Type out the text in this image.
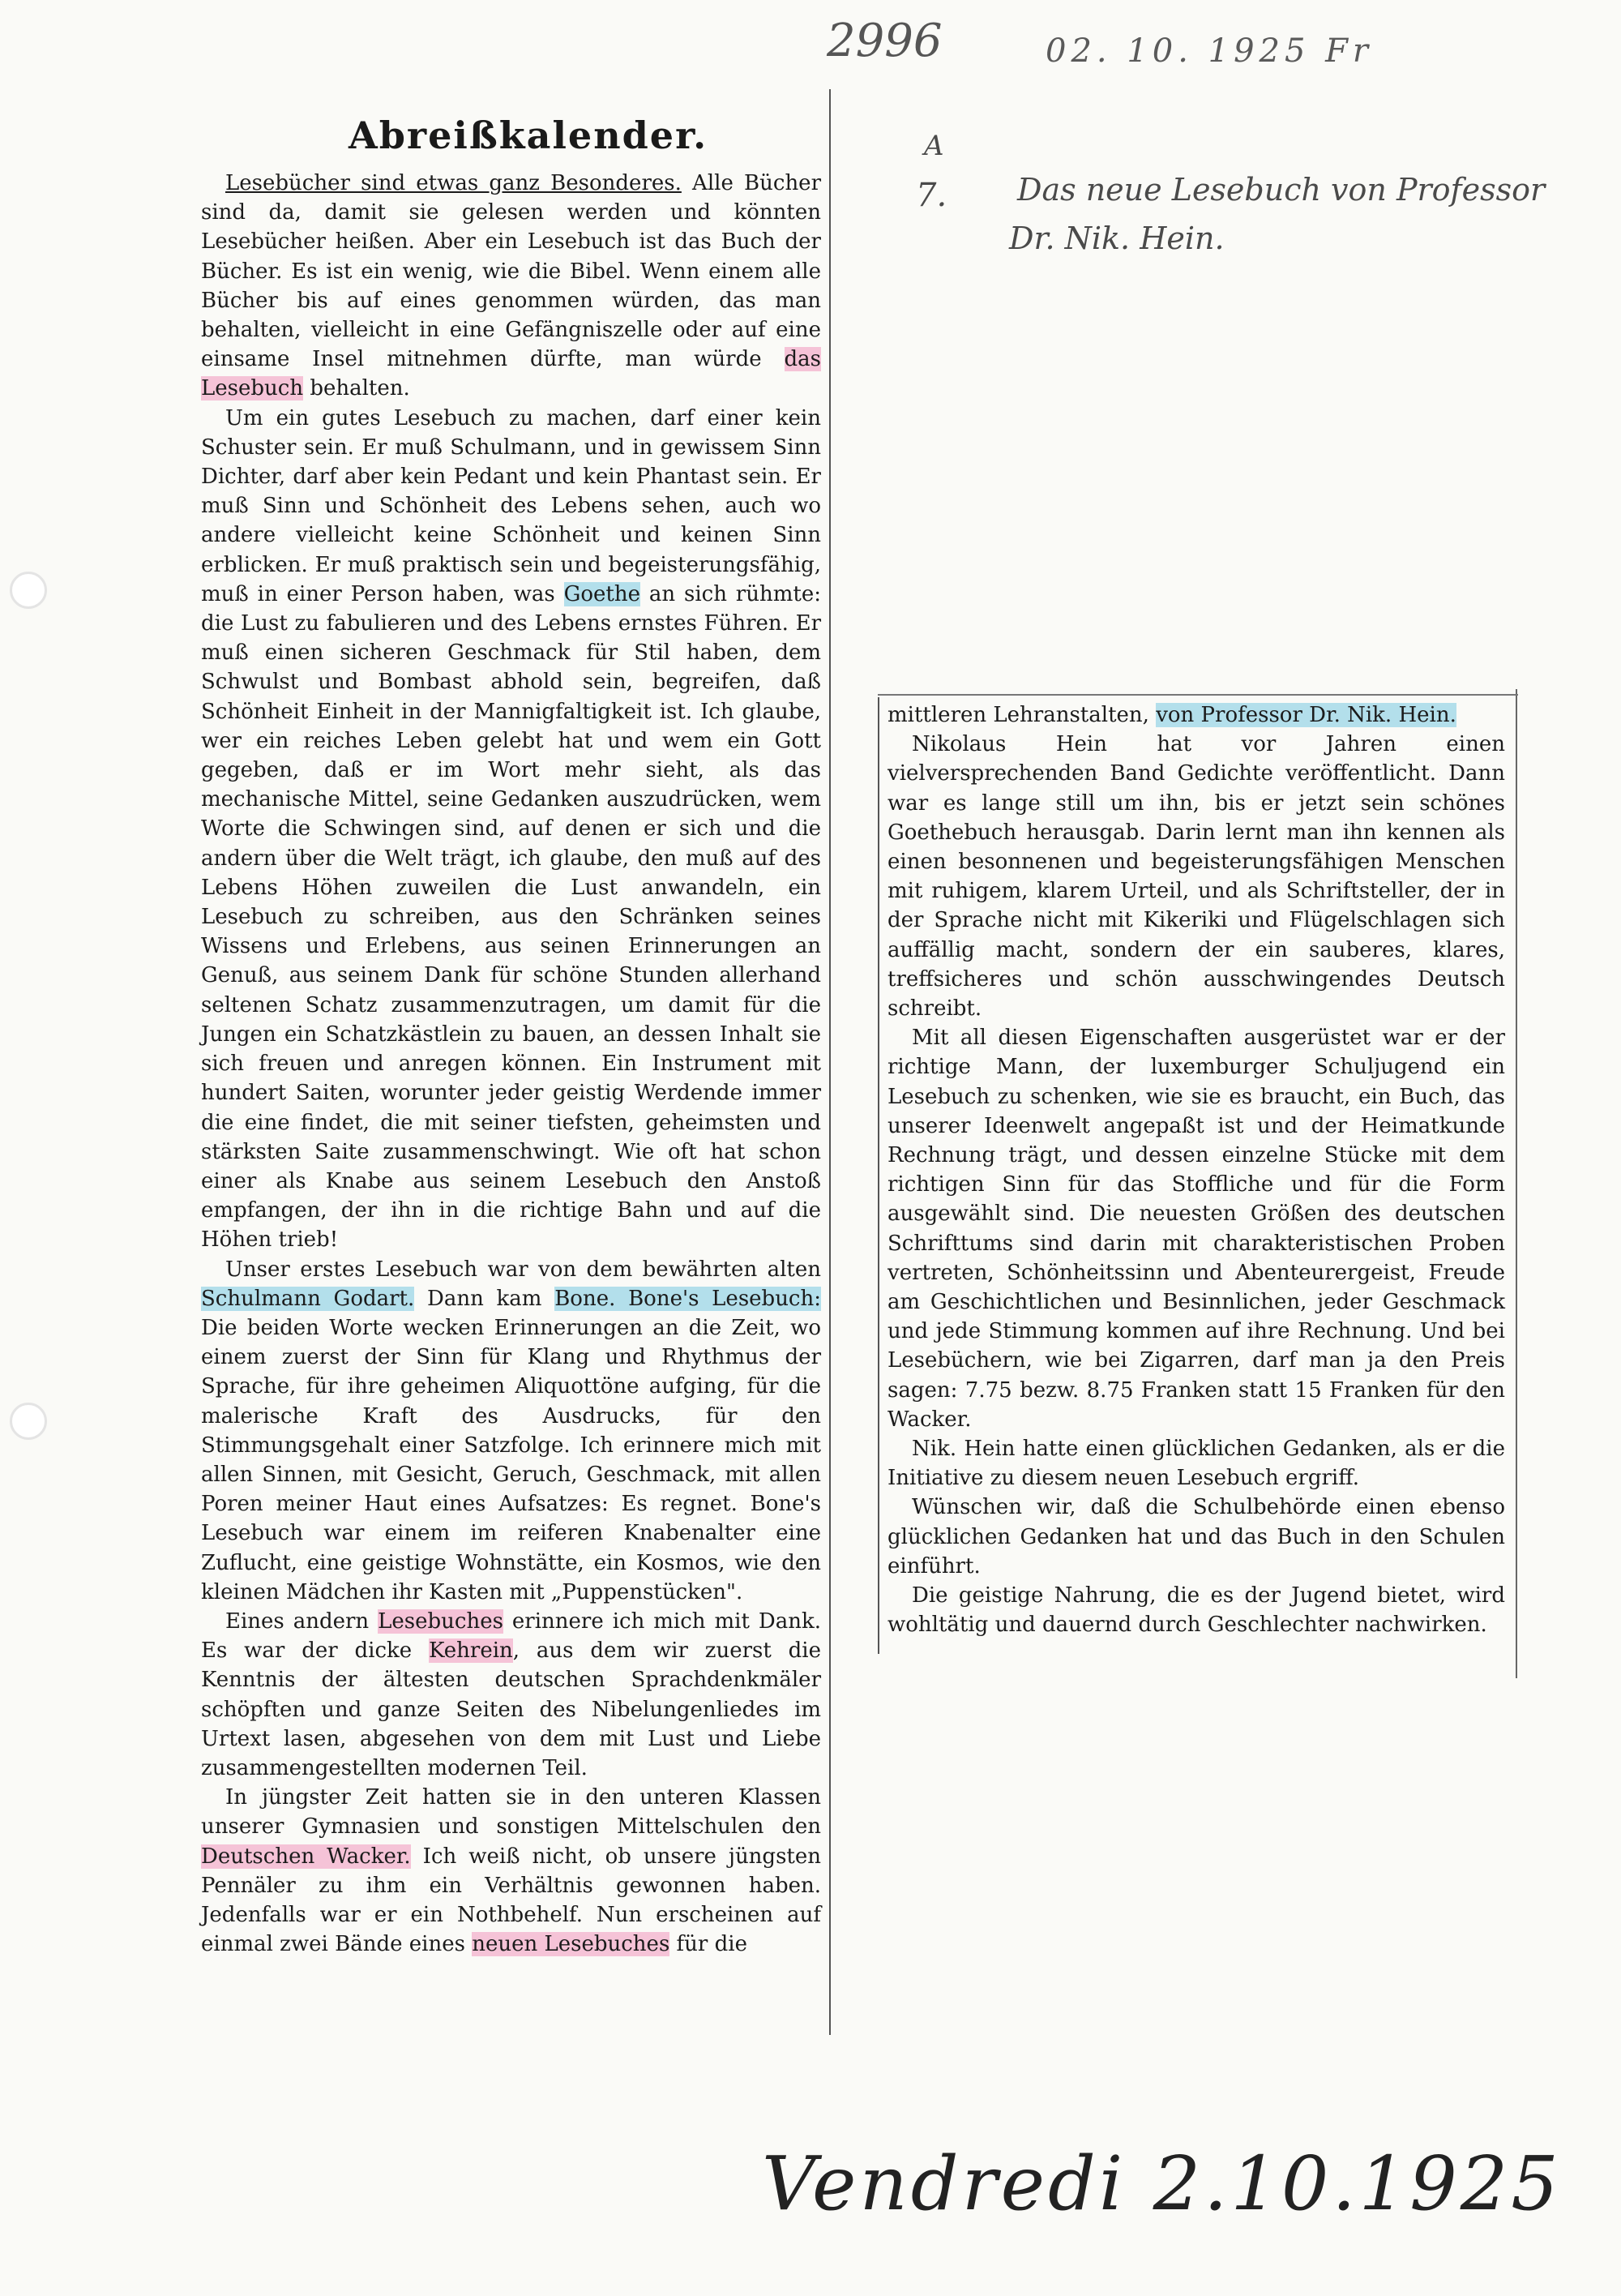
2996	02. 10. 1925 Fr
A
7. Das neue Lesebuch von Professor
Dr. Nik. Hein.
Abreißkalender.

Lesebücher sind etwas ganz Besonderes. Alle Bücher sind da, damit sie gelesen werden und könnten Lesebücher heißen. Aber ein Lesebuch ist das Buch der Bücher. Es ist ein wenig, wie die Bibel. Wenn einem alle Bücher bis auf eines genommen würden, das man behalten, vielleicht in eine Gefängniszelle oder auf eine einsame Insel mitnehmen dürfte, man würde das Lesebuch behalten.

Um ein gutes Lesebuch zu machen, darf einer kein Schuster sein. Er muß Schulmann, und in gewissem Sinn Dichter, darf aber kein Pedant und kein Phantast sein. Er muß Sinn und Schönheit des Lebens sehen, auch wo andere vielleicht keine Schönheit und keinen Sinn erblicken. Er muß praktisch sein und begeisterungsfähig, muß in einer Person haben, was Goethe an sich rühmte: die Lust zu fabulieren und des Lebens ernstes Führen. Er muß einen sicheren Geschmack für Stil haben, dem Schwulst und Bombast abhold sein, begreifen, daß Schönheit Einheit in der Mannigfaltigkeit ist. Ich glaube, wer ein reiches Leben gelebt hat und wem ein Gott gegeben, daß er im Wort mehr sieht, als das mechanische Mittel, seine Gedanken auszudrücken, wem Worte die Schwingen sind, auf denen er sich und die andern über die Welt trägt, ich glaube, den muß auf des Lebens Höhen zuweilen die Lust anwandeln, ein Lesebuch zu schreiben, aus den Schränken seines Wissens und Erlebens, aus seinen Erinnerungen an Genuß, aus seinem Dank für schöne Stunden allerhand seltenen Schatz zusammenzutragen, um damit für die Jungen ein Schatzkästlein zu bauen, an dessen Inhalt sie sich freuen und anregen können. Ein Instrument mit hundert Saiten, worunter jeder geistig Werdende immer die eine findet, die mit seiner tiefsten, geheimsten und stärksten Saite zusammenschwingt. Wie oft hat schon einer als Knabe aus seinem Lesebuch den Anstoß empfangen, der ihn in die richtige Bahn und auf die Höhen trieb!

Unser erstes Lesebuch war von dem bewährten alten Schulmann Godart. Dann kam Bone. Bone's Lesebuch: Die beiden Worte wecken Erinnerungen an die Zeit, wo einem zuerst der Sinn für Klang und Rhythmus der Sprache, für ihre geheimen Aliquottöne aufging, für die malerische Kraft des Ausdrucks, für den Stimmungsgehalt einer Satzfolge. Ich erinnere mich mit allen Sinnen, mit Gesicht, Geruch, Geschmack, mit allen Poren meiner Haut eines Aufsatzes: Es regnet. Bone's Lesebuch war einem im reiferen Knabenalter eine Zuflucht, eine geistige Wohnstätte, ein Kosmos, wie den kleinen Mädchen ihr Kasten mit „Puppenstücken".

Eines andern Lesebuches erinnere ich mich mit Dank. Es war der dicke Kehrein, aus dem wir zuerst die Kenntnis der ältesten deutschen Sprachdenkmäler schöpften und ganze Seiten des Nibelungenliedes im Urtext lasen, abgesehen von dem mit Lust und Liebe zusammengestellten modernen Teil.

In jüngster Zeit hatten sie in den unteren Klassen unserer Gymnasien und sonstigen Mittelschulen den Deutschen Wacker. Ich weiß nicht, ob unsere jüngsten Pennäler zu ihm ein Verhältnis gewonnen haben. Jedenfalls war er ein Nothbehelf. Nun erscheinen auf einmal zwei Bände eines neuen Lesebuches für die

mittleren Lehranstalten, von Professor Dr. Nik. Hein.

Nikolaus Hein hat vor Jahren einen vielversprechenden Band Gedichte veröffentlicht. Dann war es lange still um ihn, bis er jetzt sein schönes Goethebuch herausgab. Darin lernt man ihn kennen als einen besonnenen und begeisterungsfähigen Menschen mit ruhigem, klarem Urteil, und als Schriftsteller, der in der Sprache nicht mit Kikeriki und Flügelschlagen sich auffällig macht, sondern der ein sauberes, klares, treffsicheres und schön ausschwingendes Deutsch schreibt.

Mit all diesen Eigenschaften ausgerüstet war er der richtige Mann, der luxemburger Schuljugend ein Lesebuch zu schenken, wie sie es braucht, ein Buch, das unserer Ideenwelt angepaßt ist und der Heimatkunde Rechnung trägt, und dessen einzelne Stücke mit dem richtigen Sinn für das Stoffliche und für die Form ausgewählt sind. Die neuesten Größen des deutschen Schrifttums sind darin mit charakteristischen Proben vertreten, Schönheitssinn und Abenteurergeist, Freude am Geschichtlichen und Besinnlichen, jeder Geschmack und jede Stimmung kommen auf ihre Rechnung. Und bei Lesebüchern, wie bei Zigarren, darf man ja den Preis sagen: 7.75 bezw. 8.75 Franken statt 15 Franken für den Wacker.

Nik. Hein hatte einen glücklichen Gedanken, als er die Initiative zu diesem neuen Lesebuch ergriff.

Wünschen wir, daß die Schulbehörde einen ebenso glücklichen Gedanken hat und das Buch in den Schulen einführt.

Die geistige Nahrung, die es der Jugend bietet, wird wohltätig und dauernd durch Geschlechter nachwirken.

Vendredi 2.10.1925
